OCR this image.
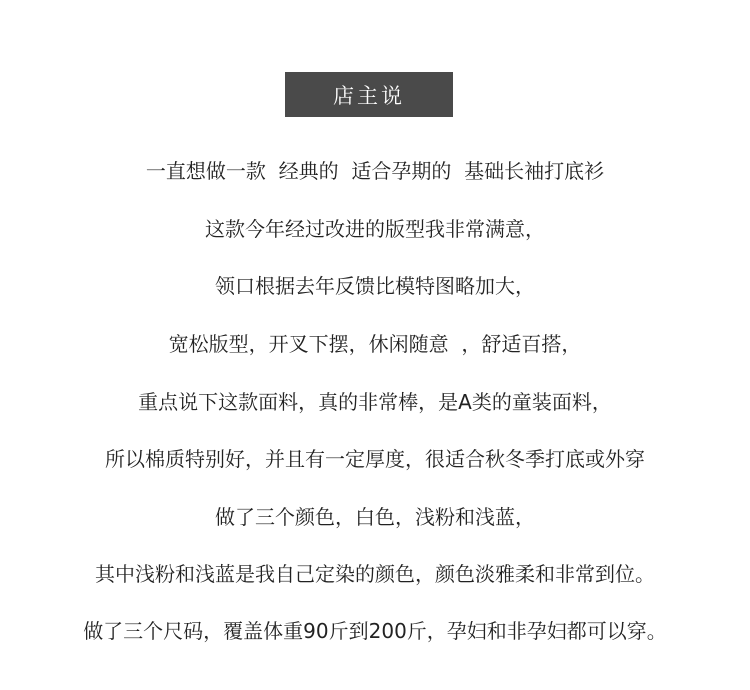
店主说
一直想做一款  经典的  适合孕期的  基础长袖打底衫
这款今年经过改进的版型我非常满意，
领口根据去年反馈比模特图略加大，
宽松版型，开叉下摆，休闲随意  ，舒适百搭，
重点说下这款面料，真的非常棒，是A类的童装面料，
所以棉质特别好，并且有一定厚度，很适合秋冬季打底或外穿
做了三个颜色，白色，浅粉和浅蓝，
其中浅粉和浅蓝是我自己定染的颜色，颜色淡雅柔和非常到位。
做了三个尺码，覆盖体重90斤到200斤，孕妇和非孕妇都可以穿。
